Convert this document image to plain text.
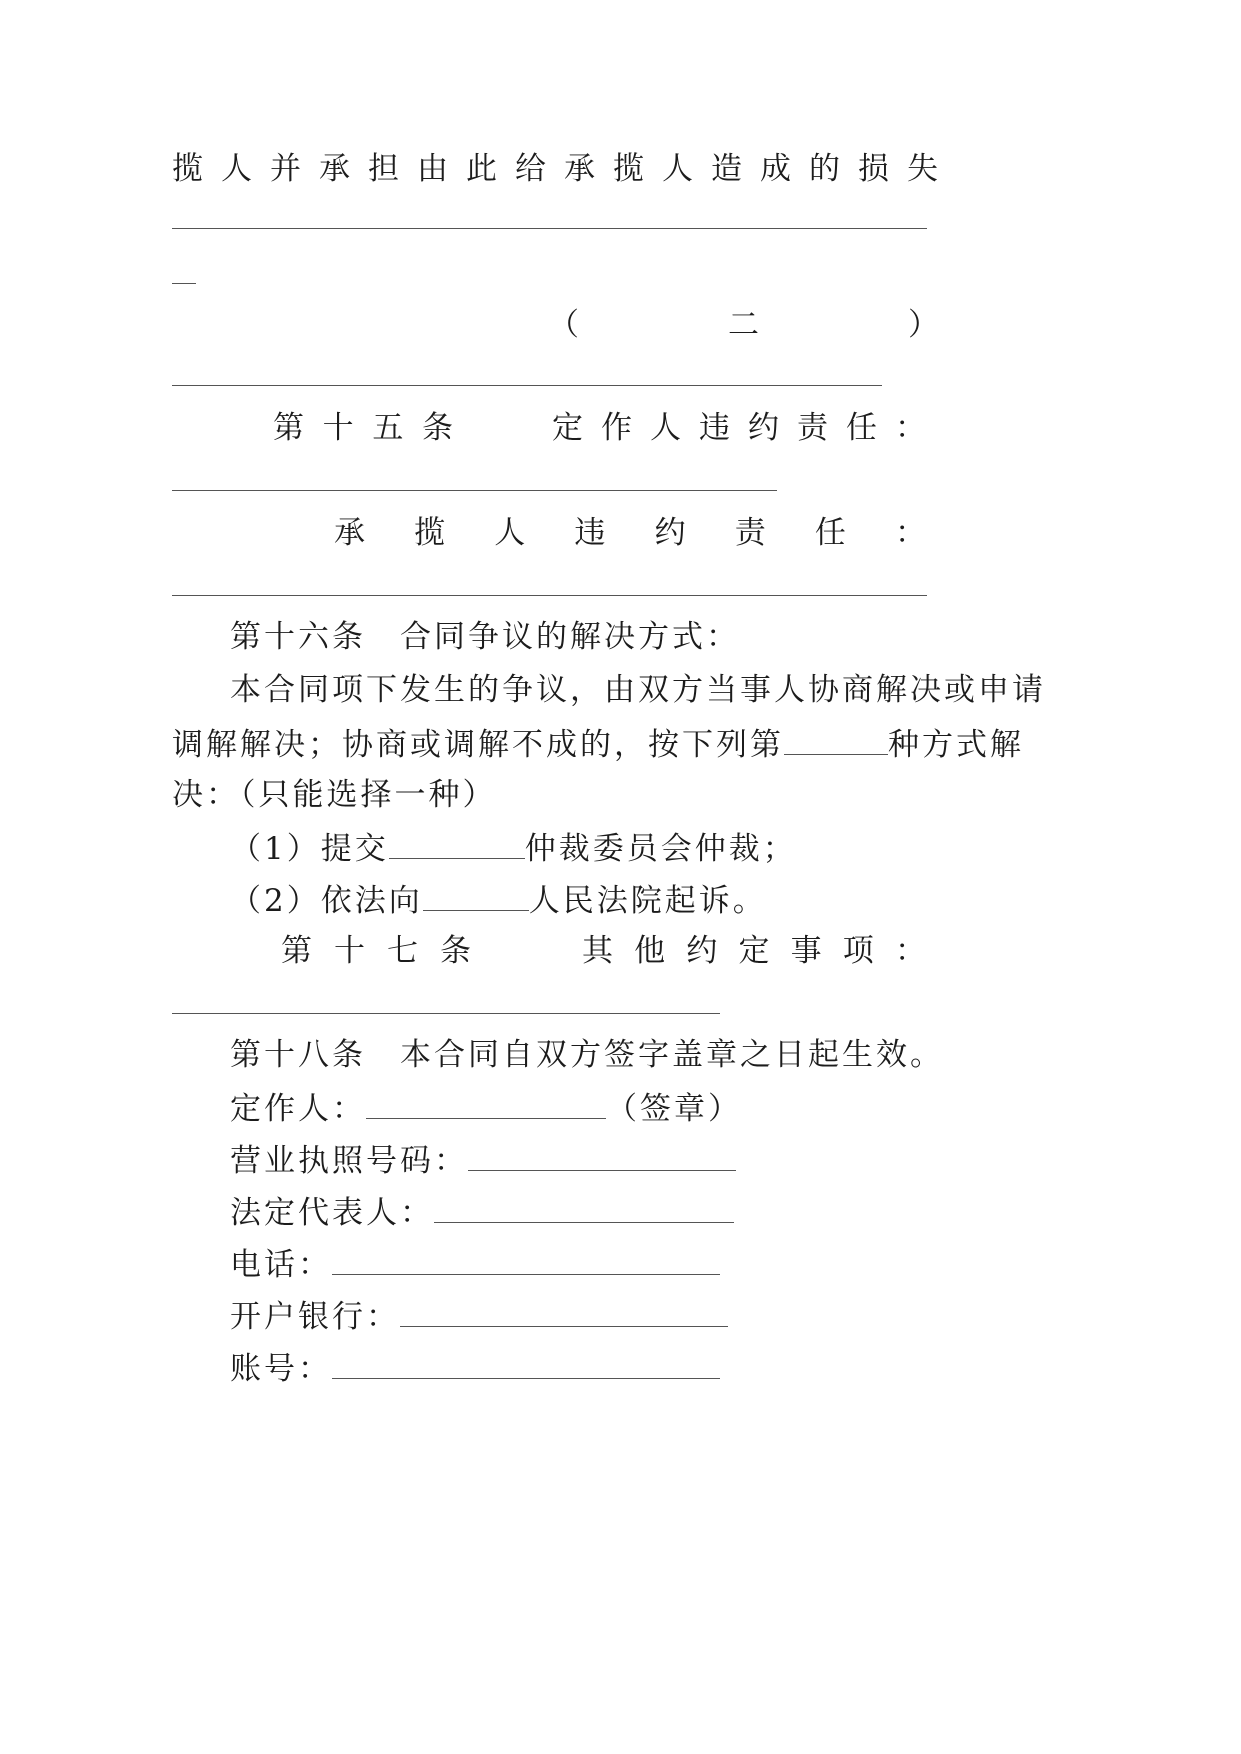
揽 人 并 承 担 由 此 给 承 揽 人 造 成 的 损 失
（	二	）
第 十 五 条	定 作 人 违 约 责 任 ：
承 揽 人 违 约 责 任 ：
第十六条 合同争议的解决方式：
本合同项下发生的争议，由双方当事人协商解决或申请
调解解决；协商或调解不成的，按下列第	种方式解
决：（只能选择一种）
（1）提交	仲裁委员会仲裁；
（2）依法向	人民法院起诉。
第 十 七 条	其 他 约 定 事 项 ：
第十八条 本合同自双方签字盖章之日起生效。
定作人：	（签章）
营业执照号码：
法定代表人：
电话：
开户银行：
账号：
